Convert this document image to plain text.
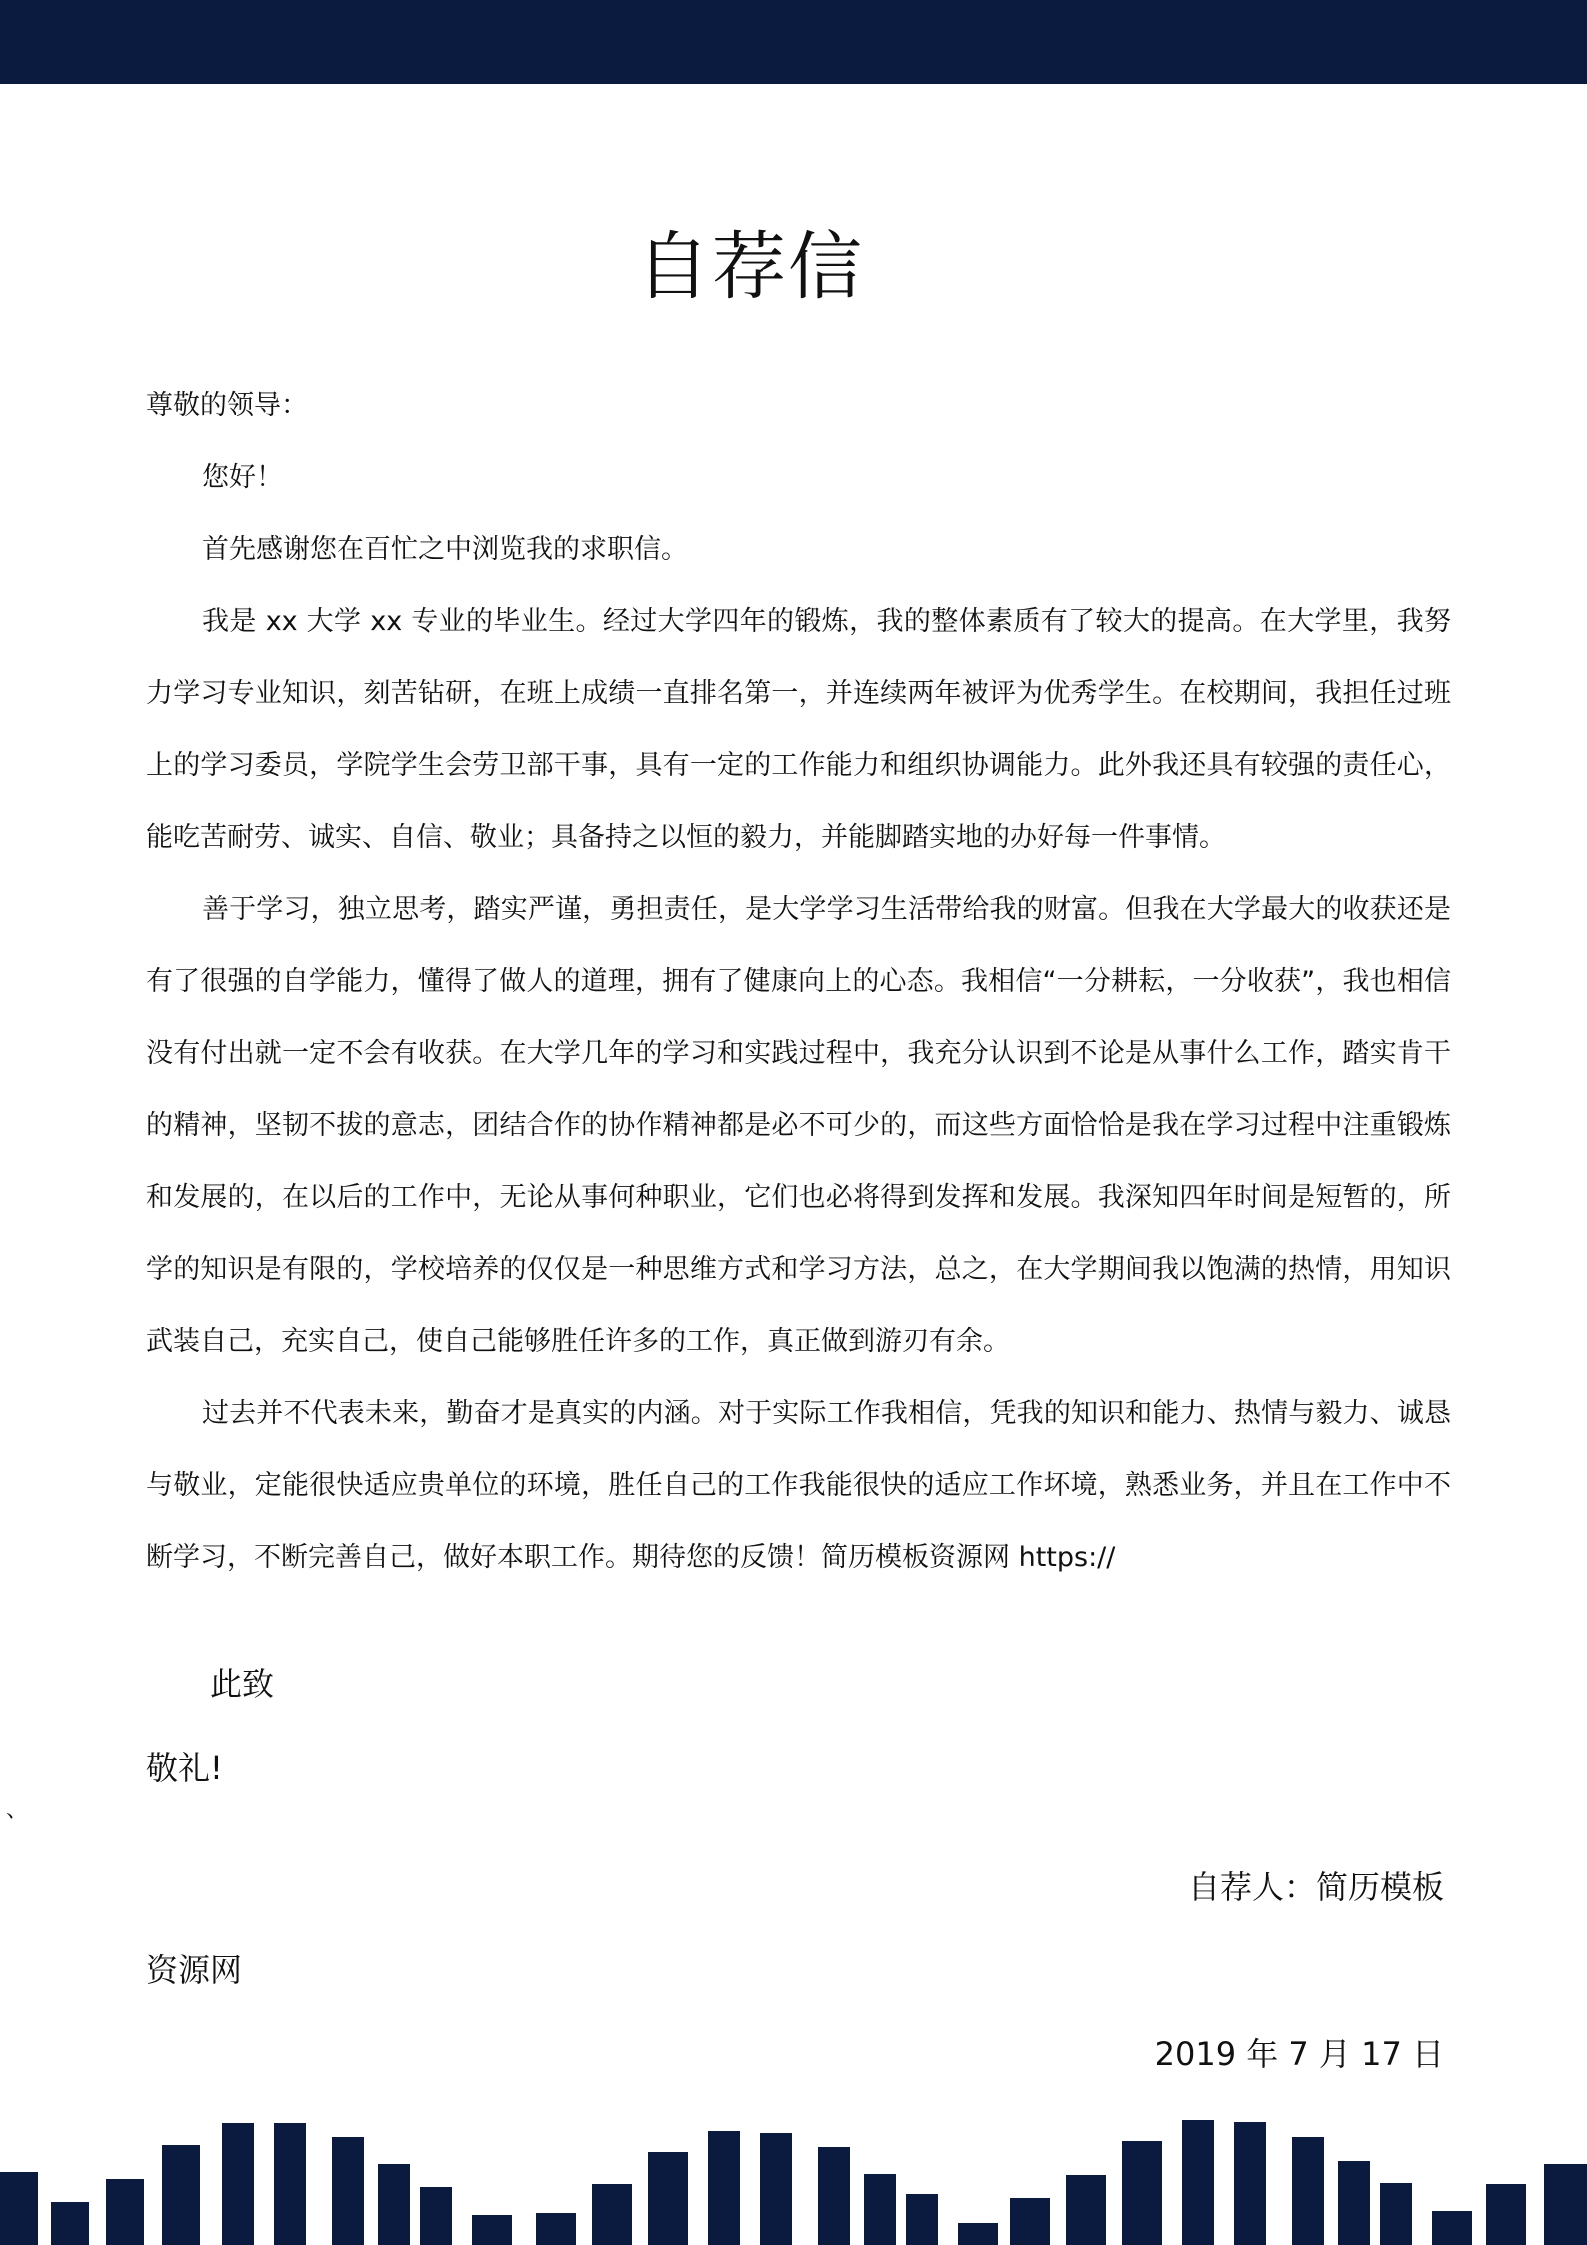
自荐信

尊敬的领导：

您好！

首先感谢您在百忙之中浏览我的求职信。

我是 xx 大学 xx 专业的毕业生。经过大学四年的锻炼，我的整体素质有了较大的提高。在大学里，我努力学习专业知识，刻苦钻研，在班上成绩一直排名第一，并连续两年被评为优秀学生。在校期间，我担任过班上的学习委员，学院学生会劳卫部干事，具有一定的工作能力和组织协调能力。此外我还具有较强的责任心，能吃苦耐劳、诚实、自信、敬业；具备持之以恒的毅力，并能脚踏实地的办好每一件事情。

善于学习，独立思考，踏实严谨，勇担责任，是大学学习生活带给我的财富。但我在大学最大的收获还是有了很强的自学能力，懂得了做人的道理，拥有了健康向上的心态。我相信“一分耕耘，一分收获”，我也相信没有付出就一定不会有收获。在大学几年的学习和实践过程中，我充分认识到不论是从事什么工作，踏实肯干的精神，坚韧不拔的意志，团结合作的协作精神都是必不可少的，而这些方面恰恰是我在学习过程中注重锻炼和发展的，在以后的工作中，无论从事何种职业，它们也必将得到发挥和发展。我深知四年时间是短暂的，所学的知识是有限的，学校培养的仅仅是一种思维方式和学习方法，总之，在大学期间我以饱满的热情，用知识武装自己，充实自己，使自己能够胜任许多的工作，真正做到游刃有余。

过去并不代表未来，勤奋才是真实的内涵。对于实际工作我相信，凭我的知识和能力、热情与毅力、诚恳与敬业，定能很快适应贵单位的环境，胜任自己的工作我能很快的适应工作坏境，熟悉业务，并且在工作中不断学习，不断完善自己，做好本职工作。期待您的反馈！简历模板资源网 https://

此致

敬礼!

、

自荐人：简历模板

资源网

2019 年 7 月 17 日
